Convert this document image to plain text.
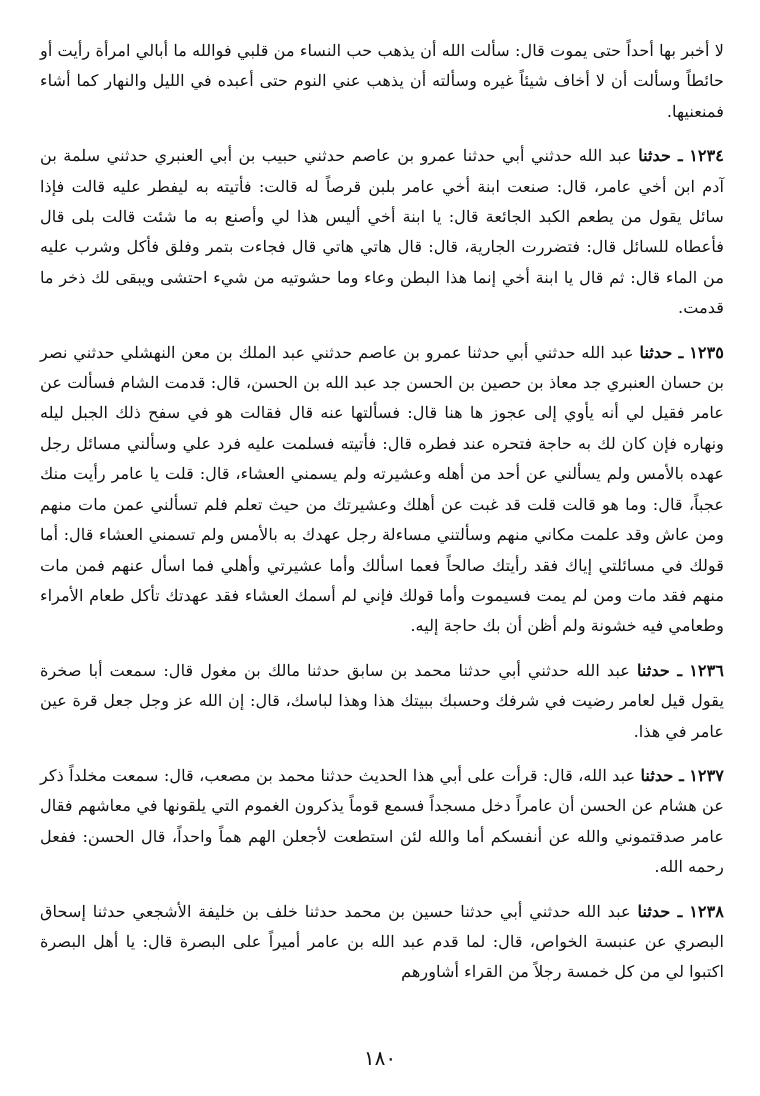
لا أخبر بها أحداً حتى يموت قال: سألت الله أن يذهب حب النساء من قلبي فوالله ما أبالي امرأة رأيت أو حائطاً وسألت أن لا أخاف شيئاً غيره وسألته أن يذهب عني النوم حتى أعبده في الليل والنهار كما أشاء فمنعنيها.

١٢٣٤ ـ حدثنا عبد الله حدثني أبي حدثنا عمرو بن عاصم حدثني حبيب بن أبي العنبري حدثني سلمة بن آدم ابن أخي عامر، قال: صنعت ابنة أخي عامر بلبن قرصاً له قالت: فأتيته به ليفطر عليه قالت فإذا سائل يقول من يطعم الكبد الجائعة قال: يا ابنة أخي أليس هذا لي وأصنع به ما شئت قالت بلى قال فأعطاه للسائل قال: فتضررت الجارية، قال: قال هاتي هاتي قال فجاءت بتمر وفلق فأكل وشرب عليه من الماء قال: ثم قال يا ابنة أخي إنما هذا البطن وعاء وما حشوتيه من شيء احتشى ويبقى لك ذخر ما قدمت.

١٢٣٥ ـ حدثنا عبد الله حدثني أبي حدثنا عمرو بن عاصم حدثني عبد الملك بن معن النهشلي حدثني نصر بن حسان العنبري جد معاذ بن حصين بن الحسن جد عبد الله بن الحسن، قال: قدمت الشام فسألت عن عامر فقيل لي أنه يأوي إلى عجوز ها هنا قال: فسألتها عنه قال فقالت هو في سفح ذلك الجبل ليله ونهاره فإن كان لك به حاجة فتحره عند فطره قال: فأتيته فسلمت عليه فرد علي وسألني مسائل رجل عهده بالأمس ولم يسألني عن أحد من أهله وعشيرته ولم يسمني العشاء، قال: قلت يا عامر رأيت منك عجباً، قال: وما هو قالت قلت قد غبت عن أهلك وعشيرتك من حيث تعلم فلم تسألني عمن مات منهم ومن عاش وقد علمت مكاني منهم وسألتني مساءلة رجل عهدك به بالأمس ولم تسمني العشاء قال: أما قولك في مسائلتي إياك فقد رأيتك صالحاً فعما اسألك وأما عشيرتي وأهلي فما اسأل عنهم فمن مات منهم فقد مات ومن لم يمت فسيموت وأما قولك فإني لم أسمك العشاء فقد عهدتك تأكل طعام الأمراء وطعامي فيه خشونة ولم أظن أن بك حاجة إليه.

١٢٣٦ ـ حدثنا عبد الله حدثني أبي حدثنا محمد بن سابق حدثنا مالك بن مغول قال: سمعت أبا صخرة يقول قيل لعامر رضيت في شرفك وحسبك ببيتك هذا وهذا لباسك، قال: إن الله عز وجل جعل قرة عين عامر في هذا.

١٢٣٧ ـ حدثنا عبد الله، قال: قرأت على أبي هذا الحديث حدثنا محمد بن مصعب، قال: سمعت مخلداً ذكر عن هشام عن الحسن أن عامراً دخل مسجداً فسمع قوماً يذكرون الغموم التي يلقونها في معاشهم فقال عامر صدقتموني والله عن أنفسكم أما والله لئن استطعت لأجعلن الهم هماً واحداً، قال الحسن: ففعل رحمه الله.

١٢٣٨ ـ حدثنا عبد الله حدثني أبي حدثنا حسين بن محمد حدثنا خلف بن خليفة الأشجعي حدثنا إسحاق البصري عن عنبسة الخواص، قال: لما قدم عبد الله بن عامر أميراً على البصرة قال: يا أهل البصرة اكتبوا لي من كل خمسة رجلاً من القراء أشاورهم

١٨٠
